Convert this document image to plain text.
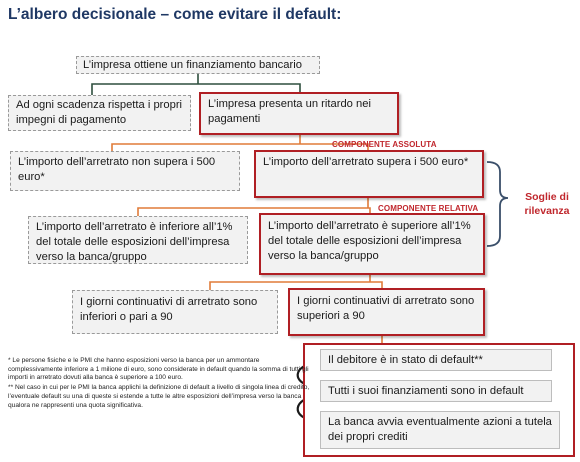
L’albero decisionale – come evitare il default:
L’impresa ottiene un finanziamento bancario
Ad ogni scadenza rispetta i propri impegni di pagamento
L’impresa presenta un ritardo nei pagamenti
COMPONENTE ASSOLUTA
L’importo dell’arretrato non supera i 500 euro*
L’importo dell’arretrato supera i 500 euro*
COMPONENTE RELATIVA
L’importo dell’arretrato è inferiore all’1% del totale delle esposizioni dell’impresa verso la banca/gruppo
L’importo dell’arretrato è superiore all’1% del totale delle esposizioni dell’impresa verso la banca/gruppo
Soglie di rilevanza
I giorni continuativi di arretrato sono inferiori o pari a 90
I giorni continuativi di arretrato sono superiori a 90
Il debitore è in stato di default**
Tutti i suoi finanziamenti sono in default
La banca avvia eventualmente azioni a tutela dei propri crediti

* Le persone fisiche e le PMI che hanno esposizioni verso la banca per un ammontare complessivamente inferiore a 1 milione di euro, sono considerate in default quando la somma di tutti gli importi in arretrato dovuti alla banca è superiore a 100 euro.

** Nel caso in cui per le PMI la banca applichi la definizione di default a livello di singola linea di credito, l’eventuale default su una di queste si estende a tutte le altre esposizioni dell’impresa verso la banca qualora ne rappresenti una quota significativa.
